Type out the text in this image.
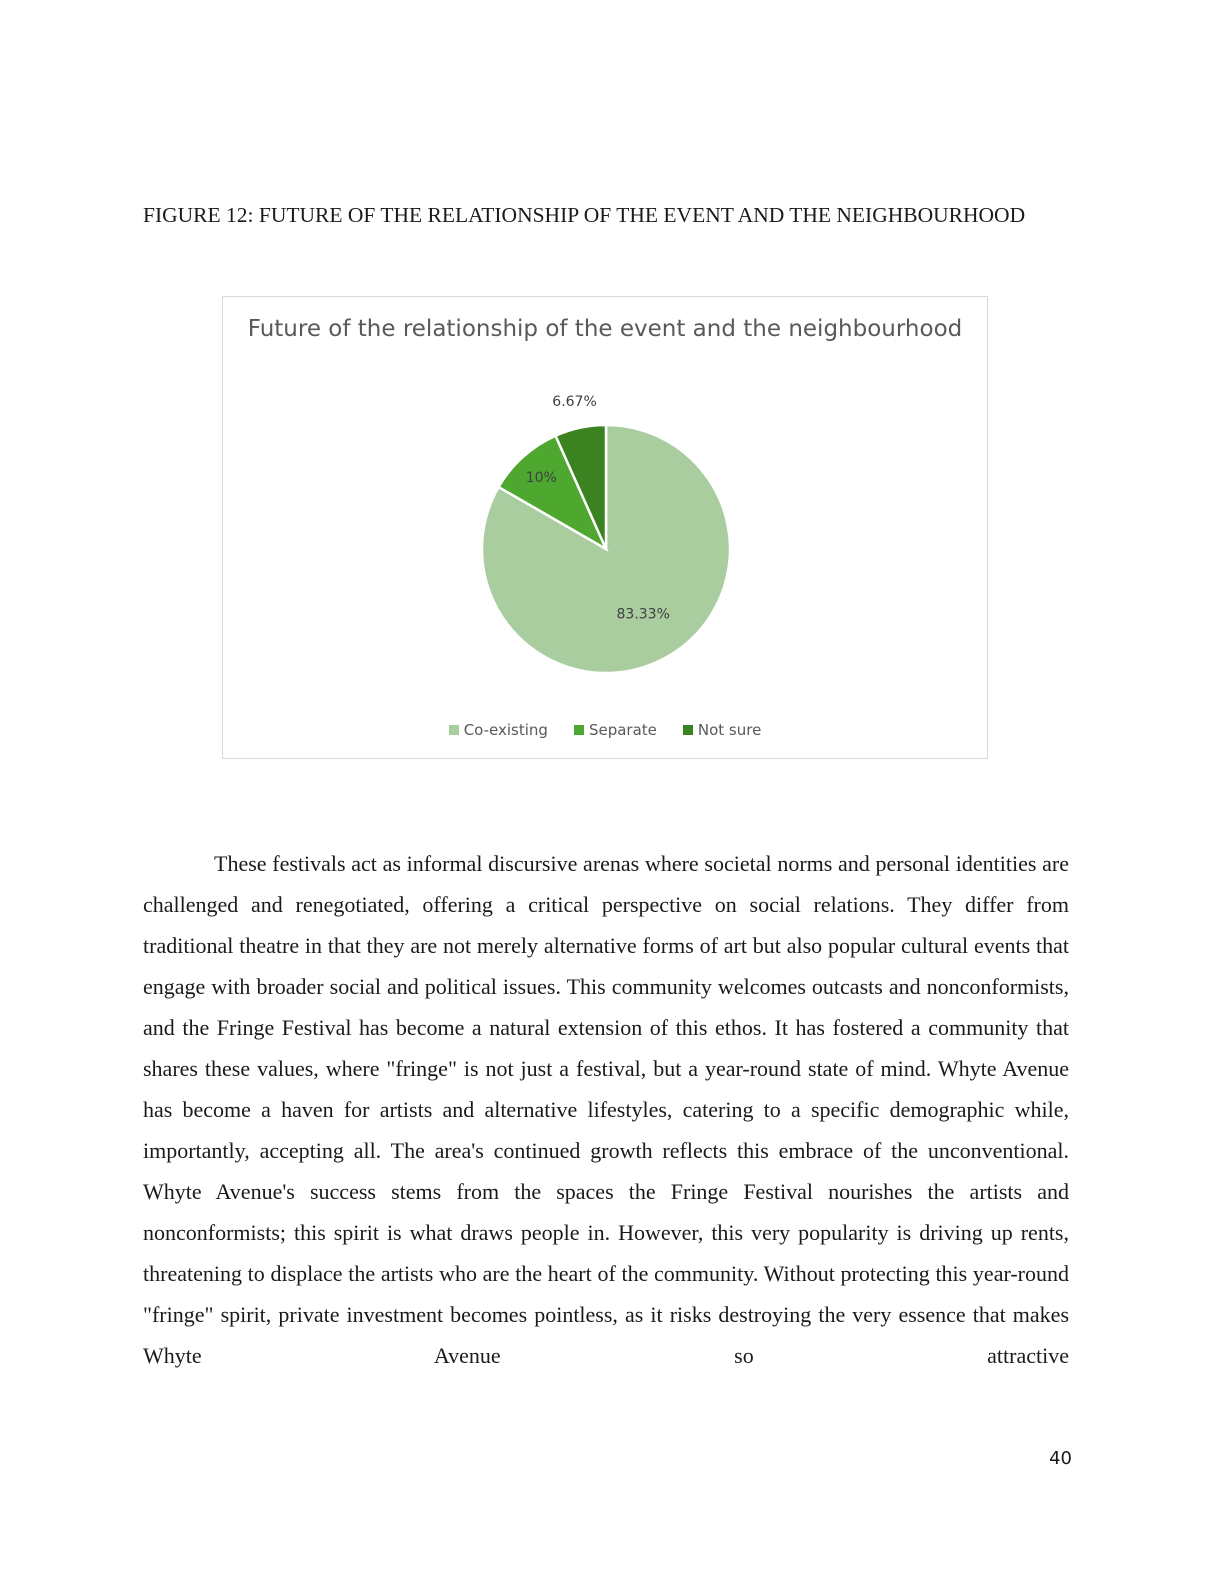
FIGURE 12: FUTURE OF THE RELATIONSHIP OF THE EVENT AND THE NEIGHBOURHOOD
Future of the relationship of the event and the neighbourhood
83.33%
10%
6.67%
Co-existing	Separate	Not sure

These festivals act as informal discursive arenas where societal norms and personal identities are challenged and renegotiated, offering a critical perspective on social relations. They differ from traditional theatre in that they are not merely alternative forms of art but also popular cultural events that engage with broader social and political issues. This community welcomes outcasts and nonconformists, and the Fringe Festival has become a natural extension of this ethos. It has fostered a community that shares these values, where "fringe" is not just a festival, but a year-round state of mind. Whyte Avenue has become a haven for artists and alternative lifestyles, catering to a specific demographic while, importantly, accepting all. The area's continued growth reflects this embrace of the unconventional. Whyte Avenue's success stems from the spaces the Fringe Festival nourishes the artists and nonconformists; this spirit is what draws people in. However, this very popularity is driving up rents, threatening to displace the artists who are the heart of the community. Without protecting this year-round "fringe" spirit, private investment becomes pointless, as it risks destroying the very essence that makes Whyte Avenue so attractive

40
